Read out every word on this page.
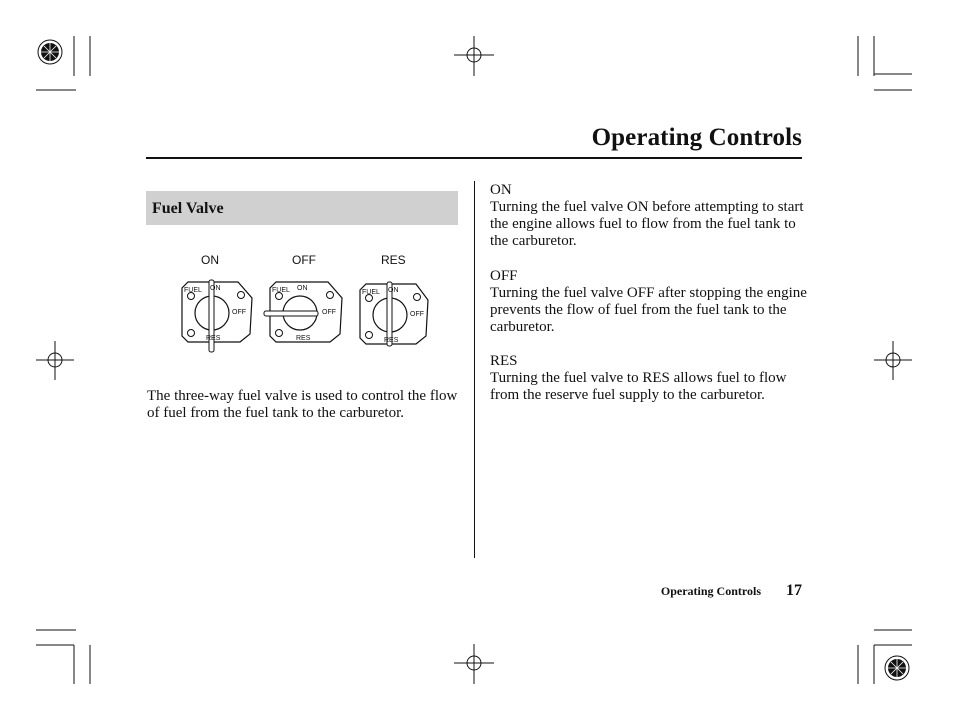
Operating Controls
Fuel Valve
ON	OFF	RES
FUEL ON
OFF
RES
FUEL ON
OFF
RES
FUEL ON
OFF
RES
The three-way fuel valve is used to control the flow of fuel from the fuel tank to the carburetor.
ON
Turning the fuel valve ON before attempting to start the engine allows fuel to flow from the fuel tank to the carburetor.
OFF
Turning the fuel valve OFF after stopping the engine prevents the flow of fuel from the fuel tank to the carburetor.
RES
Turning the fuel valve to RES allows fuel to flow from the reserve fuel supply to the carburetor.
Operating Controls 17
